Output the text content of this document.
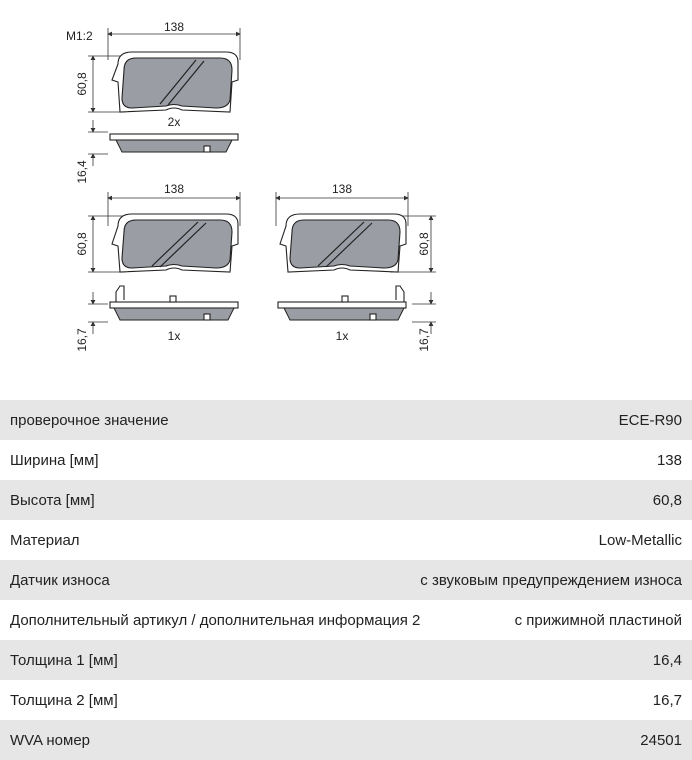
M1:2
138
60,8
16,4
2x
138
60,8
16,7	1x
138
60,8
16,7
1x
проверочное значение	ECE-R90
Ширина [мм]	138
Высота [мм]	60,8
Материал	Low-Metallic
Датчик износа	с звуковым предупреждением износа
Дополнительный артикул / дополнительная информация 2	с прижимной пластиной
Толщина 1 [мм]	16,4
Толщина 2 [мм]	16,7
WVA номер	24501
